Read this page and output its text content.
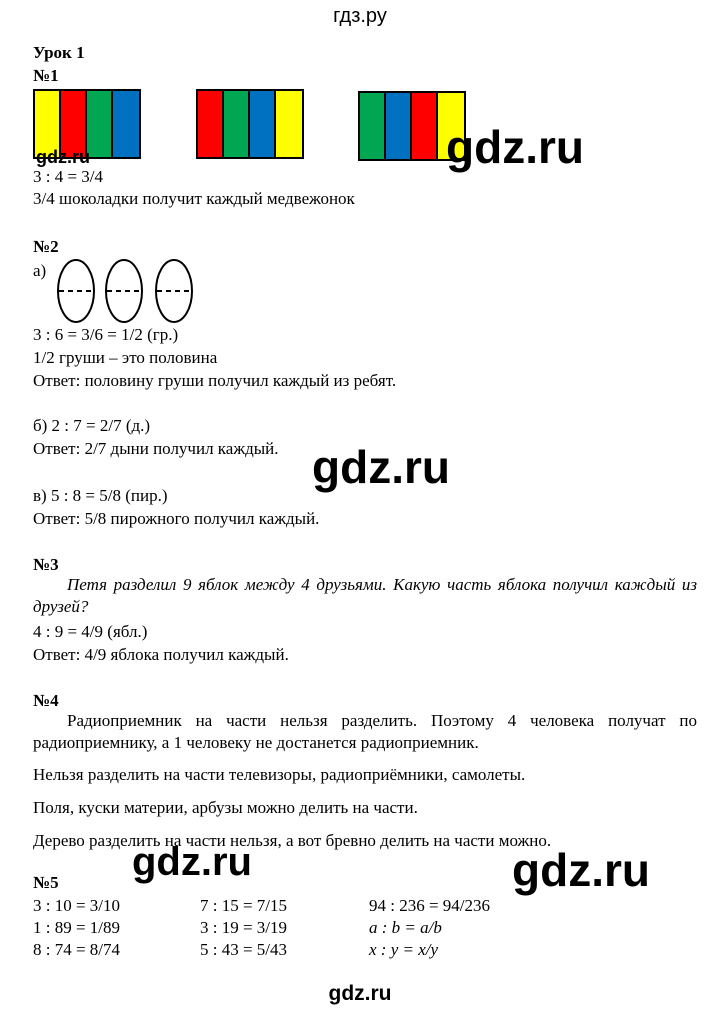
гдз.ру
Урок 1
№1
gdz.ru
gdz.ru
3 : 4 = 3/4
3/4 шоколадки получит каждый медвежонок
№2
а)
3 : 6 = 3/6 = 1/2 (гр.)
1/2 груши – это половина
Ответ: половину груши получил каждый из ребят.
б) 2 : 7 = 2/7 (д.)
Ответ: 2/7 дыни получил каждый. gdz.ru
в) 5 : 8 = 5/8 (пир.)
Ответ: 5/8 пирожного получил каждый.
№3
Петя разделил 9 яблок между 4 друзьями. Какую часть яблока получил каждый из друзей?
4 : 9 = 4/9 (ябл.)
Ответ: 4/9 яблока получил каждый.
№4
Радиоприемник на части нельзя разделить. Поэтому 4 человека получат по радиоприемнику, а 1 человеку не достанется радиоприемник.
Нельзя разделить на части телевизоры, радиоприёмники, самолеты.
Поля, куски материи, арбузы можно делить на части.
Дерево разделить на части нельзя, а вот бревно делить на части можно.
gdz.ru	gdz.ru
№5
3 : 10 = 3/10
1 : 89 = 1/89
8 : 74 = 8/74
7 : 15 = 7/15
3 : 19 = 3/19
5 : 43 = 5/43
94 : 236 = 94/236
a : b = a/b
x : y = x/y
gdz.ru
